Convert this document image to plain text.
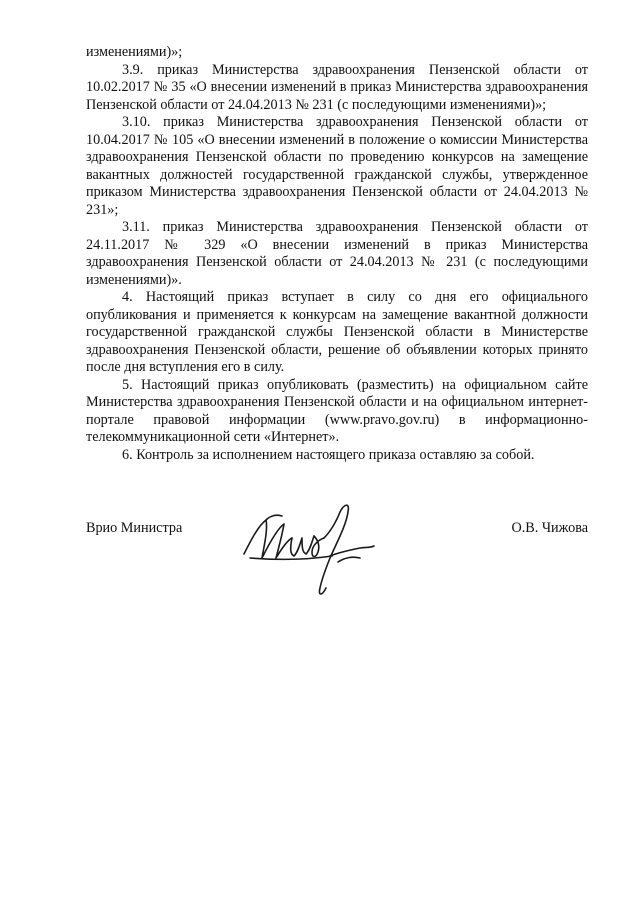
изменениями)»;

3.9. приказ Министерства здравоохранения Пензенской области от 10.02.2017 № 35 «О внесении изменений в приказ Министерства здравоохранения Пензенской области от 24.04.2013 № 231 (с последующими изменениями)»;

3.10. приказ Министерства здравоохранения Пензенской области от 10.04.2017 № 105 «О внесении изменений в положение о комиссии Министерства здравоохранения Пензенской области по проведению конкурсов на замещение вакантных должностей государственной гражданской службы, утвержденное приказом Министерства здравоохранения Пензенской области от 24.04.2013 № 231»;

3.11. приказ Министерства здравоохранения Пензенской области от 24.11.2017 № 329 «О внесении изменений в приказ Министерства здравоохранения Пензенской области от 24.04.2013 № 231 (с последующими изменениями)».

4. Настоящий приказ вступает в силу со дня его официального опубликования и применяется к конкурсам на замещение вакантной должности государственной гражданской службы Пензенской области в Министерстве здравоохранения Пензенской области, решение об объявлении которых принято после дня вступления его в силу.

5. Настоящий приказ опубликовать (разместить) на официальном сайте Министерства здравоохранения Пензенской области и на официальном интернет-портале правовой информации (www.pravo.gov.ru) в информационно-телекоммуникационной сети «Интернет».

6. Контроль за исполнением настоящего приказа оставляю за собой.

Врио Министра	О.В. Чижова
